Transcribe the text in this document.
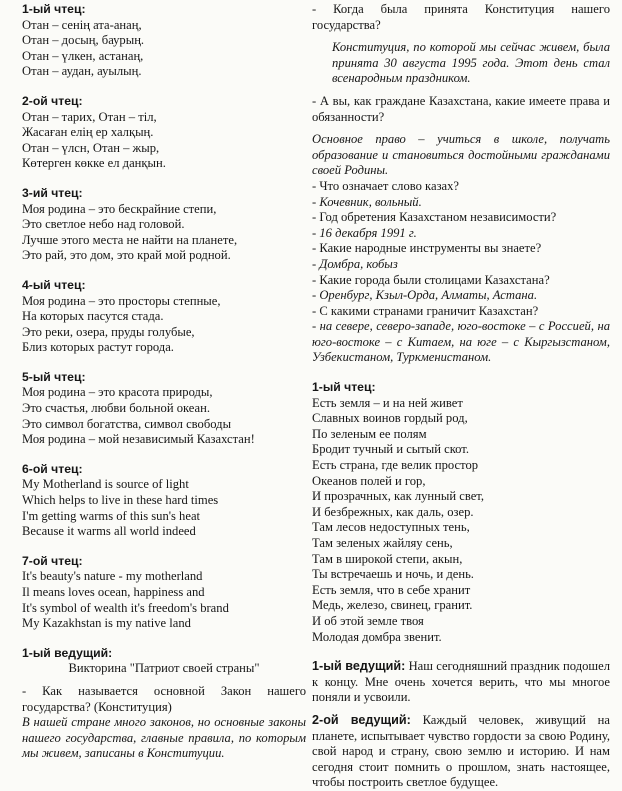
1-ый чтец:
Отан – сенің ата-анаң,
Отан – досың, баурың.
Отан – үлкен, астанаң,
Отан – аудан, ауылың.
2-ой чтец:
Отан – тарих, Отан – тіл,
Жасаған елің ер халқың.
Отан – үлсн, Отан – жыр,
Көтерген көкке ел данқын.
3-ий чтец:
Моя родина – это бескрайние степи,
Это светлое небо над головой.
Лучше этого места не найти на планете,
Это рай, это дом, это край мой родной.
4-ый чтец:
Моя родина – это просторы степные,
На которых пасутся стада.
Это реки, озера, пруды голубые,
Близ которых растут города.
5-ый чтец:
Моя родина – это красота природы,
Это счастья, любви больной океан.
Это символ богатства, символ свободы
Моя родина – мой независимый Казахстан!
6-ой чтец:
My Motherland is source of light
Which helps to live in these hard times
I'm getting warms of this sun's heat
Because it warms all world indeed
7-ой чтец:
It's beauty's nature - my motherland
Il means loves ocean, happiness and
It's symbol of wealth it's freedom's brand
My Kazakhstan is my native land
1-ый ведущий:
Викторина "Патриот своей страны"
- Как называется основной Закон нашего государства? (Конституция)
В нашей стране много законов, но основные законы нашего государства, главные правила, по которым мы живем, записаны в Конституции.
- Когда была принята Конституция нашего государства?
Конституция, по которой мы сейчас живем, была принята 30 августа 1995 года. Этот день стал всенародным праздником.
- А вы, как граждане Казахстана, какие имеете права и обязанности?
Основное право – учиться в школе, получать образование и становиться достойными гражданами своей Родины.
- Что означает слово казах?
- Кочевник, вольный.
- Год обретения Казахстаном независимости?
- 16 декабря 1991 г.
- Какие народные инструменты вы знаете?
- Домбра, кобыз
- Какие города были столицами Казахстана?
- Оренбург, Кзыл-Орда, Алматы, Астана.
- С какими странами граничит Казахстан?
- на севере, северо-западе, юго-востоке – с Россией, на юго-востоке – с Китаем, на юге – с Кыргызстаном, Узбекистаном, Туркменистаном.
1-ый чтец:
Есть земля – и на ней живет
Славных воинов гордый род,
По зеленым ее полям
Бродит тучный и сытый скот.
Есть страна, где велик простор
Океанов полей и гор,
И прозрачных, как лунный свет,
И безбрежных, как даль, озер.
Там лесов недоступных тень,
Там зеленых жайляу сень,
Там в широкой степи, акын,
Ты встречаешь и ночь, и день.
Есть земля, что в себе хранит
Медь, железо, свинец, гранит.
И об этой земле твоя
Молодая домбра звенит.
1-ый ведущий: Наш сегодняшний праздник подошел к концу. Мне очень хочется верить, что мы многое поняли и усвоили.
2-ой ведущий: Каждый человек, живущий на планете, испытывает чувство гордости за свою Родину, свой народ и страну, свою землю и историю. И нам сегодня стоит помнить о прошлом, знать настоящее, чтобы построить светлое будущее.
